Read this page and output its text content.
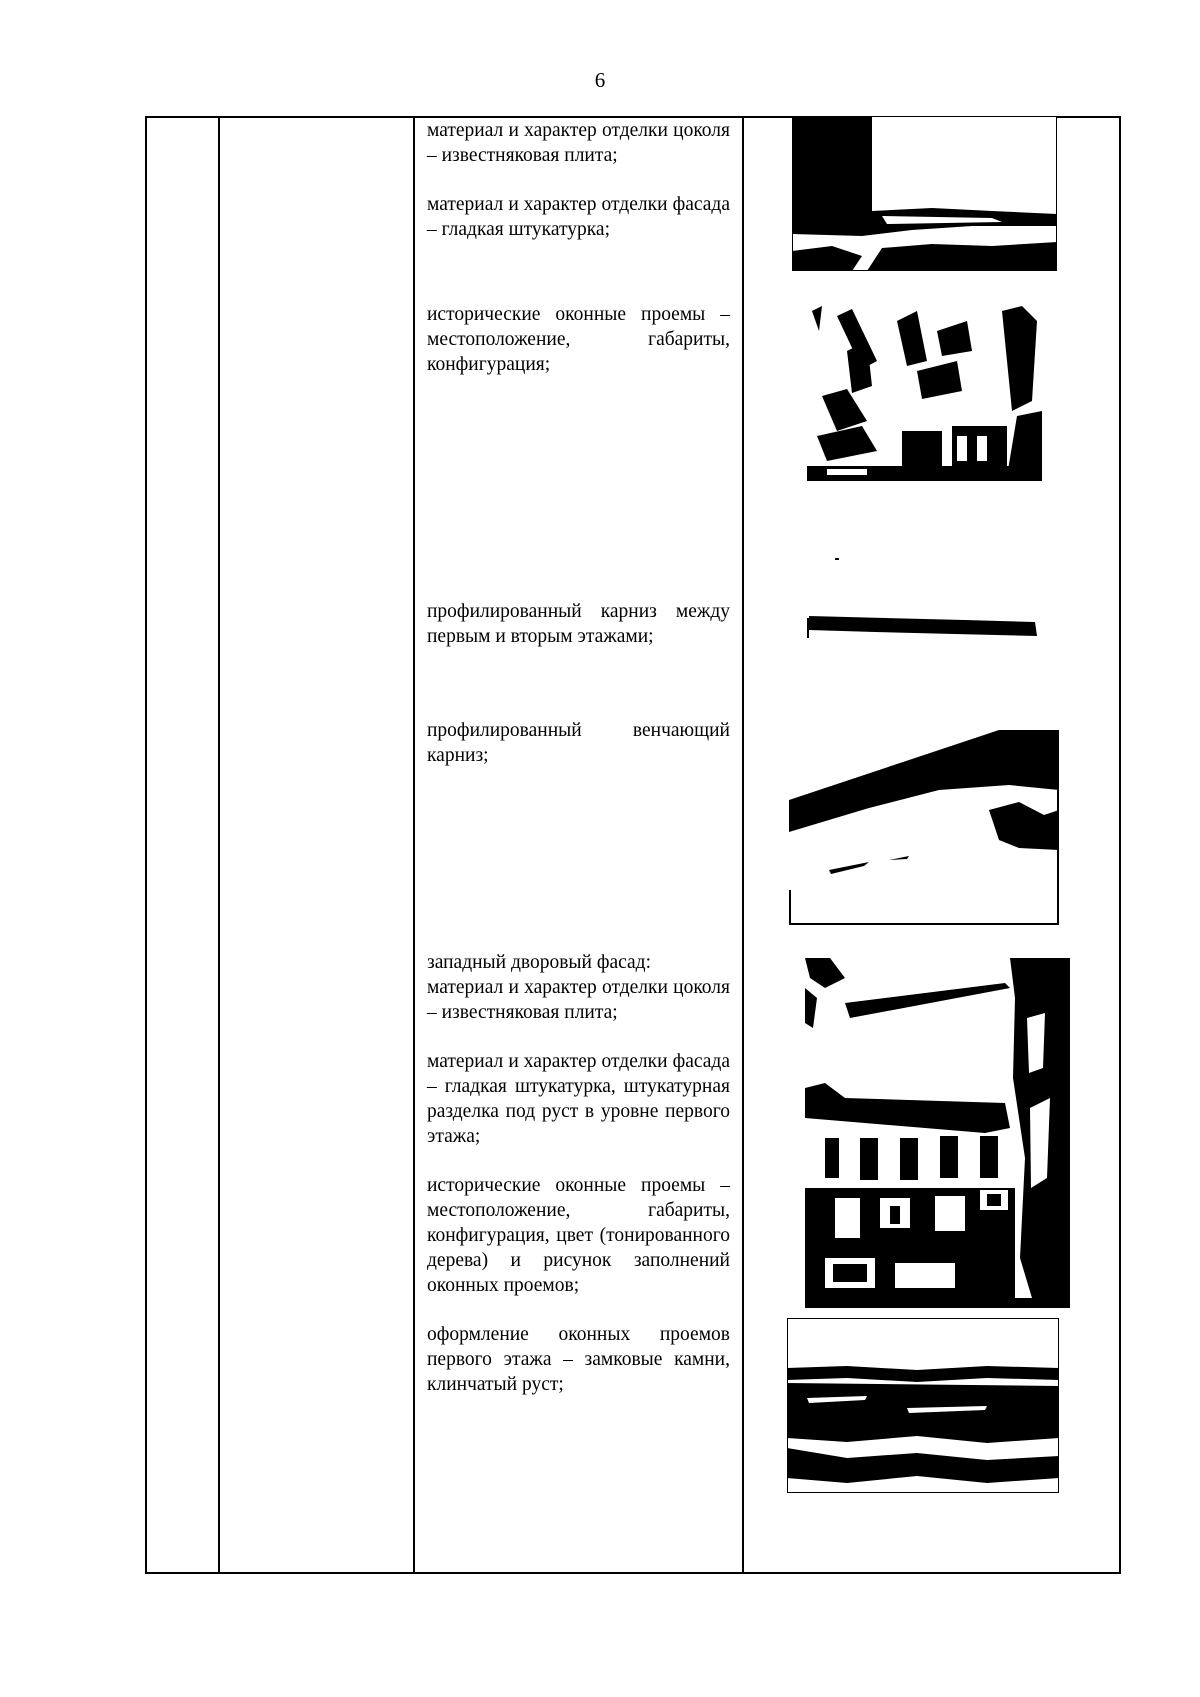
6

материал и характер отделки цоколя – известняковая плита;

материал и характер отделки фасада – гладкая штукатурка;

исторические оконные проемы – местоположение, габариты, конфигурация;

профилированный карниз между первым и вторым этажами;

профилированный венчающий карниз;

западный дворовый фасад:
материал и характер отделки цоколя – известняковая плита;

материал и характер отделки фасада – гладкая штукатурка, штукатурная разделка под руст в уровне первого этажа;

исторические оконные проемы – местоположение, габариты, конфигурация, цвет (тонированного дерева) и рисунок заполнений оконных проемов;

оформление оконных проемов первого этажа – замковые камни, клинчатый руст;
